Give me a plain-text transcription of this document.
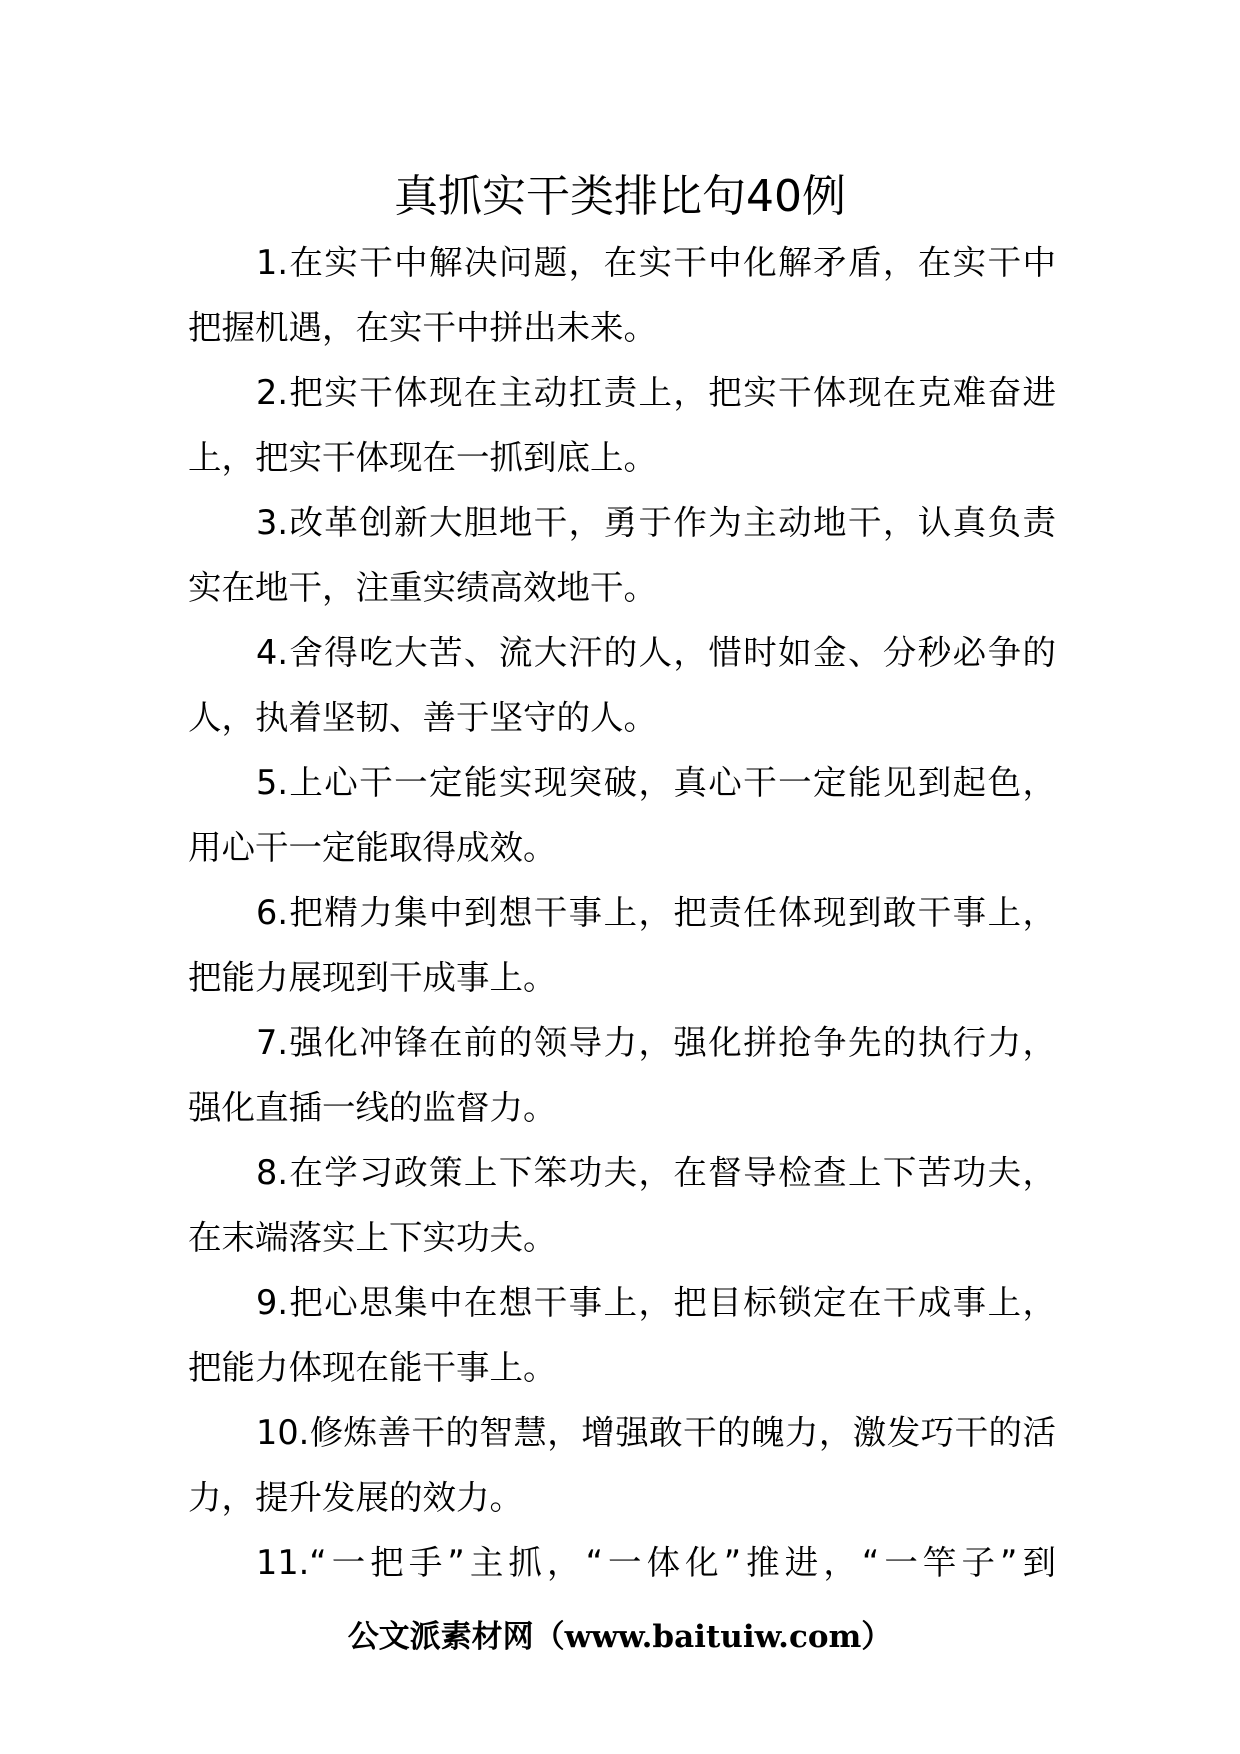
真抓实干类排比句40例

1.在实干中解决问题，在实干中化解矛盾，在实干中把握机遇，在实干中拼出未来。

2.把实干体现在主动扛责上，把实干体现在克难奋进上，把实干体现在一抓到底上。

3.改革创新大胆地干，勇于作为主动地干，认真负责实在地干，注重实绩高效地干。

4.舍得吃大苦、流大汗的人，惜时如金、分秒必争的人，执着坚韧、善于坚守的人。

5.上心干一定能实现突破，真心干一定能见到起色，用心干一定能取得成效。

6.把精力集中到想干事上，把责任体现到敢干事上，把能力展现到干成事上。

7.强化冲锋在前的领导力，强化拼抢争先的执行力，强化直插一线的监督力。

8.在学习政策上下笨功夫，在督导检查上下苦功夫，在末端落实上下实功夫。

9.把心思集中在想干事上，把目标锁定在干成事上，把能力体现在能干事上。

10.修炼善干的智慧，增强敢干的魄力，激发巧干的活力，提升发展的效力。

11.“一把手”主抓，“一体化”推进，“一竿子”到

公文派素材网（www.baituiw.com）
